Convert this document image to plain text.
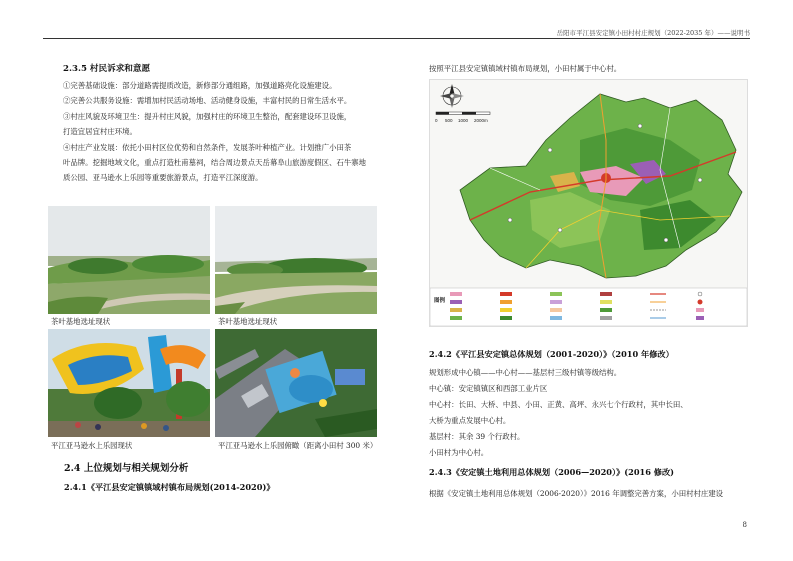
岳阳市平江县安定镇小田村村庄规划（2022-2035 年）——说明书
2.3.5 村民诉求和意愿
①完善基础设施：部分道路需提质改造，新修部分通组路，加强道路亮化设施建设。
②完善公共服务设施：需增加村民活动场地、活动健身设施，丰富村民的日常生活水平。
③村庄风貌及环境卫生：提升村庄风貌，加强村庄的环境卫生整治，配套建设环卫设施，
打造宜居宜村庄环境。
④村庄产业发展：依托小田村区位优势和自然条件，发展茶叶种植产业。计划推广小田茶
叶品牌。挖掘地域文化，重点打造杜甫墓祠，结合周边景点天岳幕阜山旅游度假区、石牛寨地
质公园、亚马逊水上乐园等重要旅游景点，打造平江深度游。
茶叶基地选址现状	茶叶基地选址现状
平江亚马逊水上乐园现状	平江亚马逊水上乐园俯瞰（距离小田村 300 米）
2.4 上位规划与相关规划分析
2.4.1《平江县安定镇镇域村镇布局规划(2014-2020)》
按照平江县安定镇镇域村镇布局规划，小田村属于中心村。
0 500 1000 2000m
图例
2.4.2《平江县安定镇总体规划（2001-2020）》（2010 年修改）
规划形成中心镇——中心村——基层村三级村镇等级结构。
中心镇：安定镇镇区和西部工业片区
中心村：长田、大桥、中县、小田、正黄、高坪、永兴七个行政村，其中长田、
大桥为重点发展中心村。
基层村：其余 39 个行政村。
小田村为中心村。
2.4.3《安定镇土地利用总体规划（2006—2020）》(2016 修改)
根据《安定镇土地利用总体规划（2006-2020）》2016 年调整完善方案，小田村村庄建设
8
